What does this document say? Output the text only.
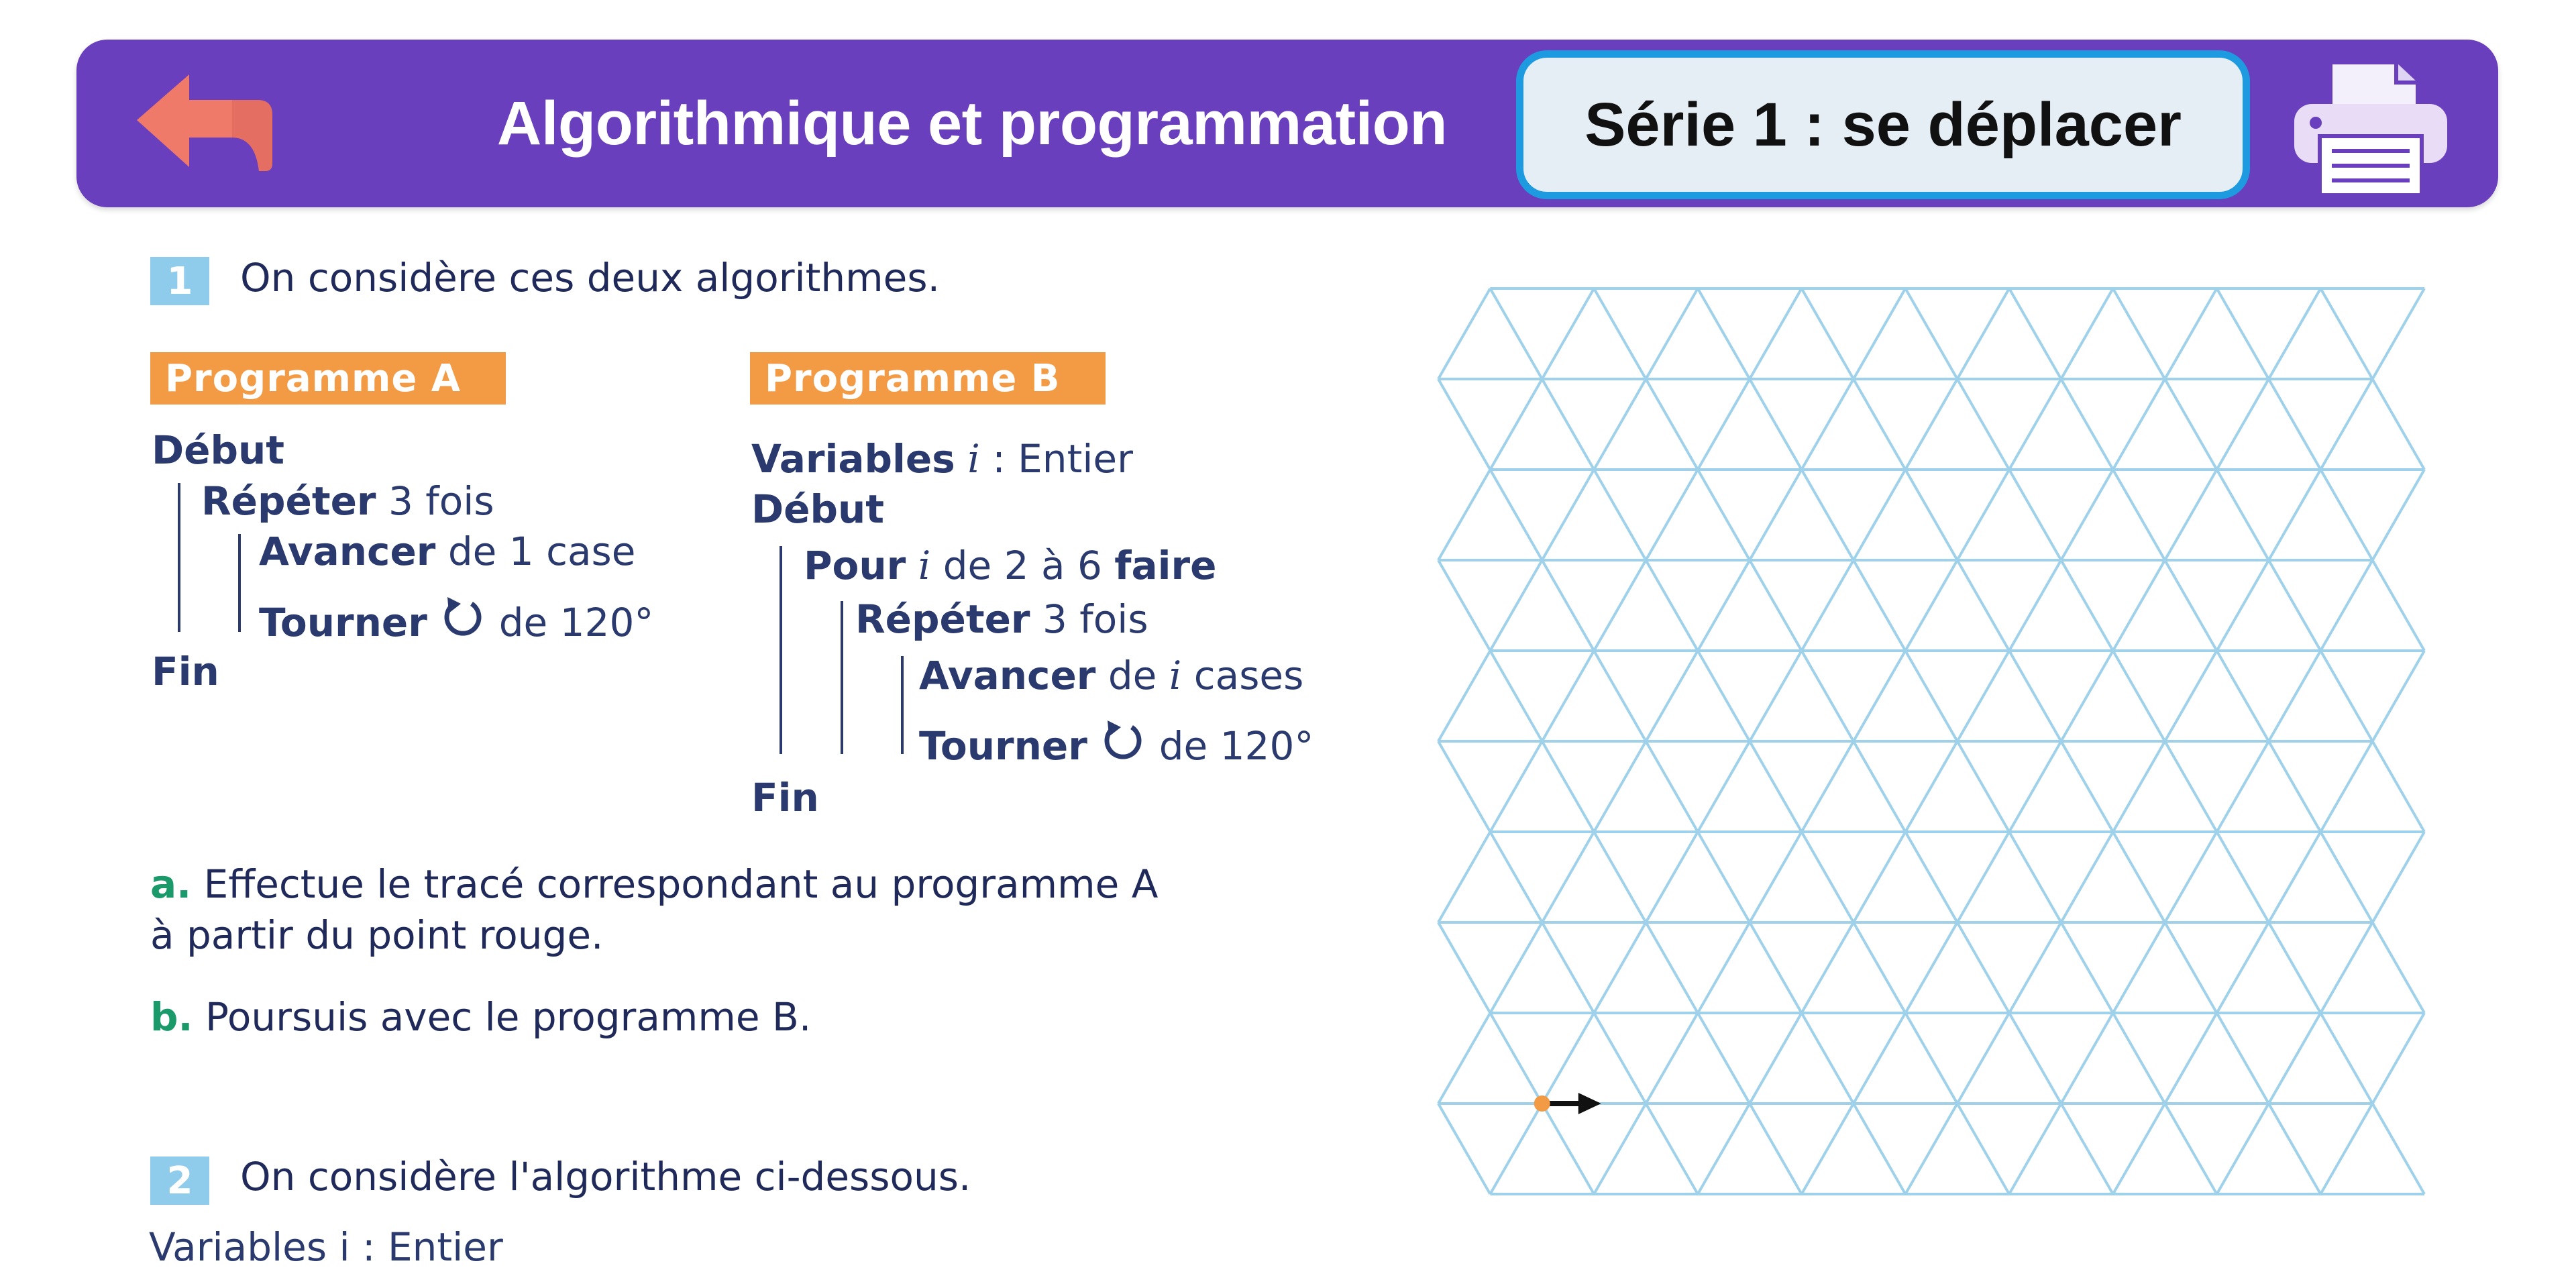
Algorithmique et programmation	Série 1 : se déplacer
1	On considère ces deux algorithmes.
Programme A
Début
Répéter 3 fois
Avancer de 1 case
Tourner de 120°
Fin
Programme B
Variables i : Entier
Début
Pour i de 2 à 6 faire
Répéter 3 fois
Avancer de i cases
Tourner de 120°
Fin
a. Effectue le tracé correspondant au programme A
à partir du point rouge.
b. Poursuis avec le programme B.
2	On considère l'algorithme ci-dessous.
Variables i : Entier
